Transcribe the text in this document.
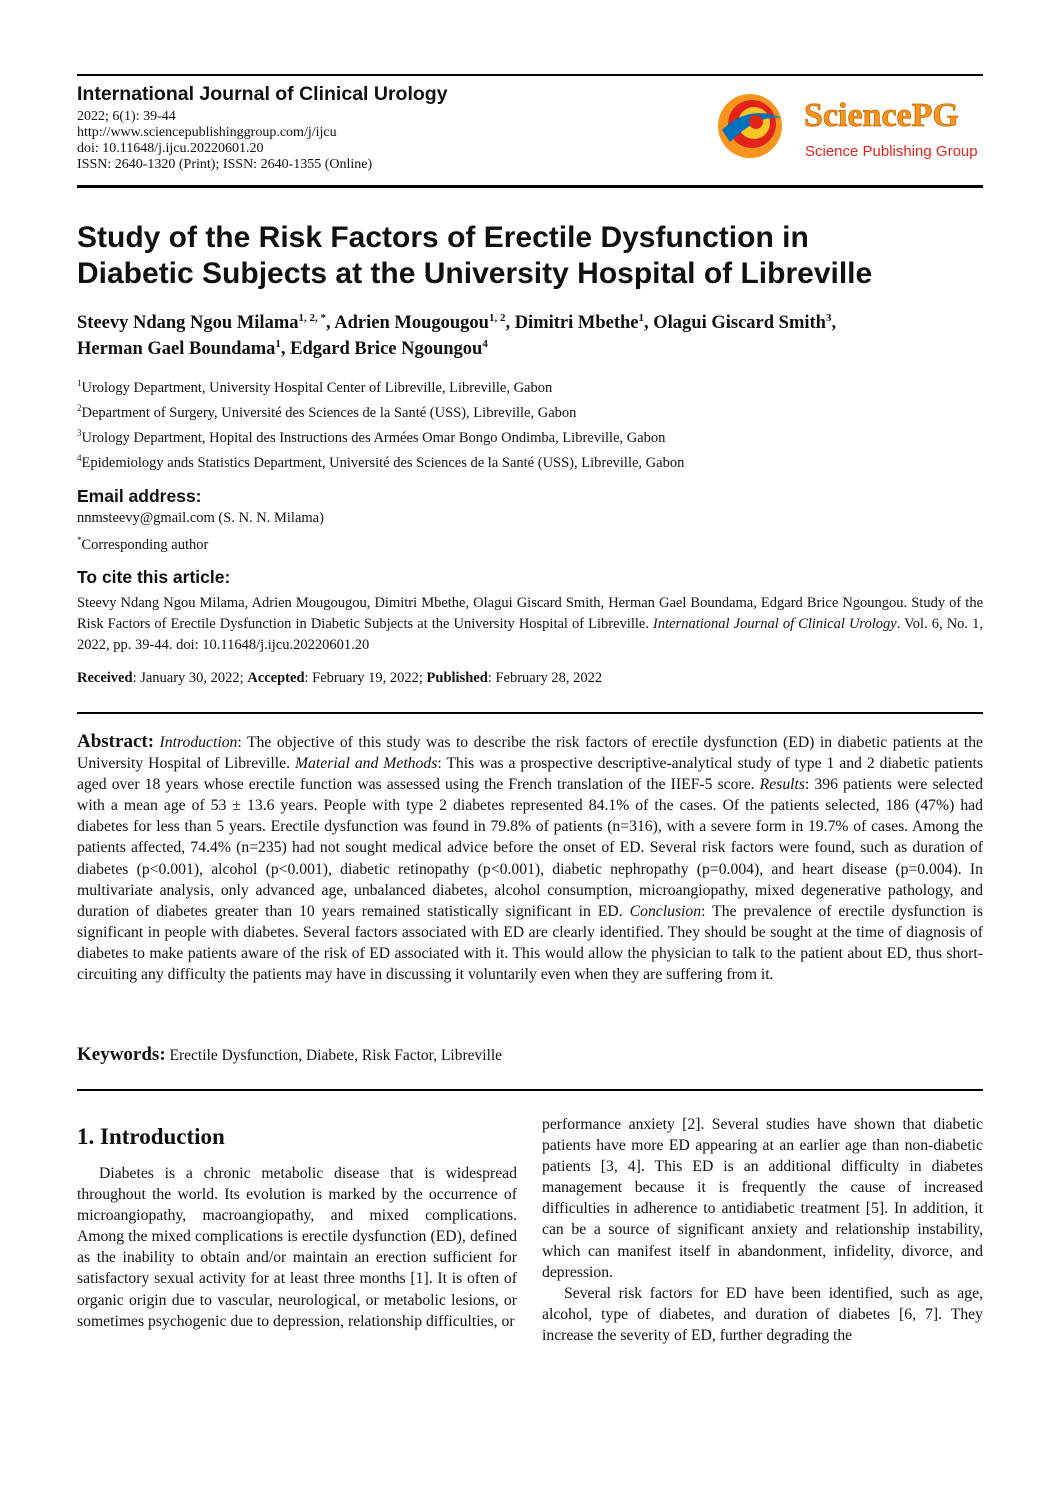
International Journal of Clinical Urology
2022; 6(1): 39-44
http://www.sciencepublishinggroup.com/j/ijcu
doi: 10.11648/j.ijcu.20220601.20
ISSN: 2640-1320 (Print); ISSN: 2640-1355 (Online)
SciencePG
Science Publishing Group
Study of the Risk Factors of Erectile Dysfunction in
Diabetic Subjects at the University Hospital of Libreville
Steevy Ndang Ngou Milama$^{1, 2, *}$, Adrien Mougougou$^{1, 2}$, Dimitri Mbethe$^1$, Olagui Giscard Smith$^3$,
Herman Gael Boundama$^1$, Edgard Brice Ngoungou$^4$
$^1$Urology Department, University Hospital Center of Libreville, Libreville, Gabon
$^2$Department of Surgery, Université des Sciences de la Santé (USS), Libreville, Gabon
$^3$Urology Department, Hopital des Instructions des Armées Omar Bongo Ondimba, Libreville, Gabon
$^4$Epidemiology ands Statistics Department, Université des Sciences de la Santé (USS), Libreville, Gabon
Email address:
nnmsteevy@gmail.com (S. N. N. Milama)
*Corresponding author
To cite this article:
Steevy Ndang Ngou Milama, Adrien Mougougou, Dimitri Mbethe, Olagui Giscard Smith, Herman Gael Boundama, Edgard Brice Ngoungou. Study of the Risk Factors of Erectile Dysfunction in Diabetic Subjects at the University Hospital of Libreville. International Journal of Clinical Urology. Vol. 6, No. 1, 2022, pp. 39-44. doi: 10.11648/j.ijcu.20220601.20
Received: January 30, 2022; Accepted: February 19, 2022; Published: February 28, 2022
Abstract: Introduction: The objective of this study was to describe the risk factors of erectile dysfunction (ED) in diabetic patients at the University Hospital of Libreville. Material and Methods: This was a prospective descriptive-analytical study of type 1 and 2 diabetic patients aged over 18 years whose erectile function was assessed using the French translation of the IIEF-5 score. Results: 396 patients were selected with a mean age of 53 ± 13.6 years. People with type 2 diabetes represented 84.1% of the cases. Of the patients selected, 186 (47%) had diabetes for less than 5 years. Erectile dysfunction was found in 79.8% of patients (n=316), with a severe form in 19.7% of cases. Among the patients affected, 74.4% (n=235) had not sought medical advice before the onset of ED. Several risk factors were found, such as duration of diabetes (p<0.001), alcohol (p<0.001), diabetic retinopathy (p<0.001), diabetic nephropathy (p=0.004), and heart disease (p=0.004). In multivariate analysis, only advanced age, unbalanced diabetes, alcohol consumption, microangiopathy, mixed degenerative pathology, and duration of diabetes greater than 10 years remained statistically significant in ED. Conclusion: The prevalence of erectile dysfunction is significant in people with diabetes. Several factors associated with ED are clearly identified. They should be sought at the time of diagnosis of diabetes to make patients aware of the risk of ED associated with it. This would allow the physician to talk to the patient about ED, thus short-circuiting any difficulty the patients may have in discussing it voluntarily even when they are suffering from it.
Keywords: Erectile Dysfunction, Diabete, Risk Factor, Libreville
1. Introduction

Diabetes is a chronic metabolic disease that is widespread throughout the world. Its evolution is marked by the occurrence of microangiopathy, macroangiopathy, and mixed complications. Among the mixed complications is erectile dysfunction (ED), defined as the inability to obtain and/or maintain an erection sufficient for satisfactory sexual activity for at least three months [1]. It is often of organic origin due to vascular, neurological, or metabolic lesions, or sometimes psychogenic due to depression, relationship difficulties, or

performance anxiety [2]. Several studies have shown that diabetic patients have more ED appearing at an earlier age than non-diabetic patients [3, 4]. This ED is an additional difficulty in diabetes management because it is frequently the cause of increased difficulties in adherence to antidiabetic treatment [5]. In addition, it can be a source of significant anxiety and relationship instability, which can manifest itself in abandonment, infidelity, divorce, and depression.

Several risk factors for ED have been identified, such as age, alcohol, type of diabetes, and duration of diabetes [6, 7]. They increase the severity of ED, further degrading the
